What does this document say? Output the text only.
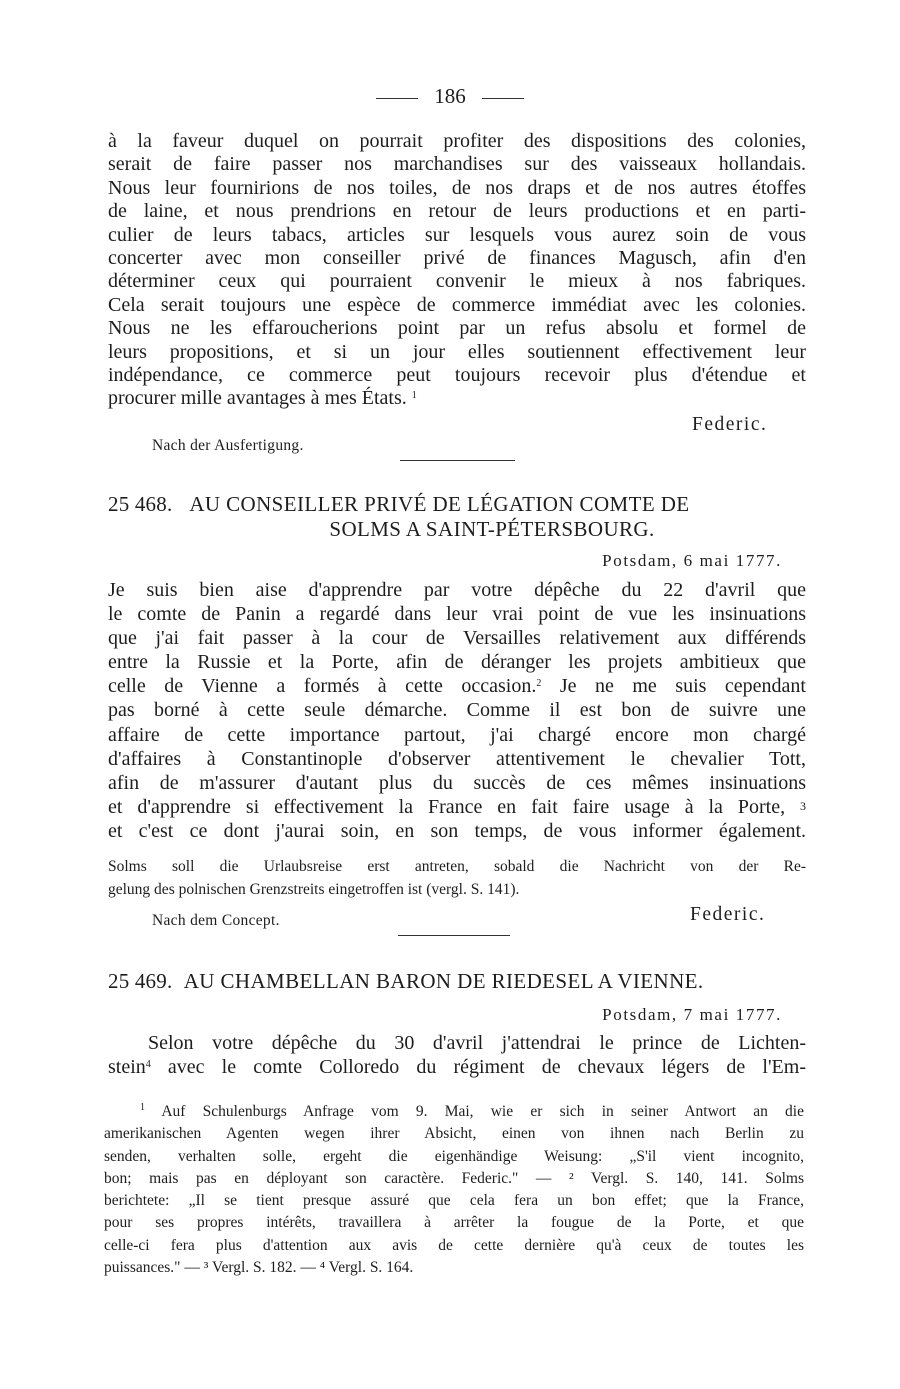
186
à la faveur duquel on pourrait profiter des dispositions des colonies,
serait de faire passer nos marchandises sur des vaisseaux hollandais.
Nous leur fournirions de nos toiles, de nos draps et de nos autres étoffes
de laine, et nous prendrions en retour de leurs productions et en parti-
culier de leurs tabacs, articles sur lesquels vous aurez soin de vous
concerter avec mon conseiller privé de finances Magusch, afin d'en
déterminer ceux qui pourraient convenir le mieux à nos fabriques.
Cela serait toujours une espèce de commerce immédiat avec les colonies.
Nous ne les effaroucherions point par un refus absolu et formel de
leurs propositions, et si un jour elles soutiennent effectivement leur
indépendance, ce commerce peut toujours recevoir plus d'étendue et
procurer mille avantages à mes États. $^1$
Federic.
Nach der Ausfertigung.
25 468. AU CONSEILLER PRIVÉ DE LÉGATION COMTE DE
SOLMS A SAINT-PÉTERSBOURG.
Potsdam, 6 mai 1777.
Je suis bien aise d'apprendre par votre dépêche du 22 d'avril que
le comte de Panin a regardé dans leur vrai point de vue les insinuations
que j'ai fait passer à la cour de Versailles relativement aux différends
entre la Russie et la Porte, afin de déranger les projets ambitieux que
celle de Vienne a formés à cette occasion.$^2$ Je ne me suis cependant
pas borné à cette seule démarche. Comme il est bon de suivre une
affaire de cette importance partout, j'ai chargé encore mon chargé
d'affaires à Constantinople d'observer attentivement le chevalier Tott,
afin de m'assurer d'autant plus du succès de ces mêmes insinuations
et d'apprendre si effectivement la France en fait faire usage à la Porte, 3
et c'est ce dont j'aurai soin, en son temps, de vous informer également.
Solms soll die Urlaubsreise erst antreten, sobald die Nachricht von der Re-
gelung des polnischen Grenzstreits eingetroffen ist (vergl. S. 141).
Nach dem Concept.	Federic.
25 469. AU CHAMBELLAN BARON DE RIEDESEL A VIENNE.
Potsdam, 7 mai 1777.
Selon votre dépêche du 30 d'avril j'attendrai le prince de Lichten-
stein$^4$ avec le comte Colloredo du régiment de chevaux légers de l'Em-
$^1$ Auf Schulenburgs Anfrage vom 9. Mai, wie er sich in seiner Antwort an die
amerikanischen Agenten wegen ihrer Absicht, einen von ihnen nach Berlin zu
senden, verhalten solle, ergeht die eigenhändige Weisung: „S'il vient incognito,
bon; mais pas en déployant son caractère. Federic." — ² Vergl. S. 140, 141. Solms
berichtete: „Il se tient presque assuré que cela fera un bon effet; que la France,
pour ses propres intérêts, travaillera à arrêter la fougue de la Porte, et que
celle-ci fera plus d'attention aux avis de cette dernière qu'à ceux de toutes les
puissances." — ³ Vergl. S. 182. — ⁴ Vergl. S. 164.
